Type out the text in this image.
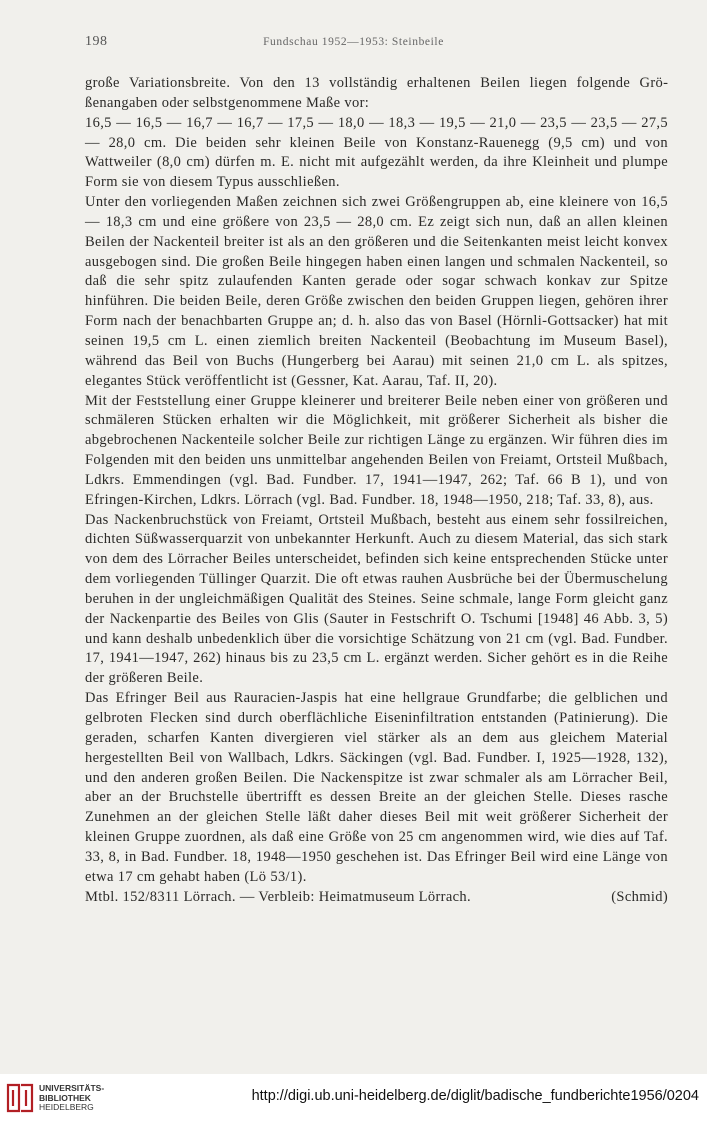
198	Fundschau 1952—1953: Steinbeile

große Variationsbreite. Von den 13 vollständig erhaltenen Beilen liegen folgende Größenangaben oder selbstgenommene Maße vor:

16,5 — 16,5 — 16,7 — 16,7 — 17,5 — 18,0 — 18,3 — 19,5 — 21,0 — 23,5 — 23,5 — 27,5 — 28,0 cm. Die beiden sehr kleinen Beile von Konstanz-Rauenegg (9,5 cm) und von Wattweiler (8,0 cm) dürfen m. E. nicht mit aufgezählt werden, da ihre Kleinheit und plumpe Form sie von diesem Typus ausschließen.

Unter den vorliegenden Maßen zeichnen sich zwei Größengruppen ab, eine kleinere von 16,5 — 18,3 cm und eine größere von 23,5 — 28,0 cm. Ez zeigt sich nun, daß an allen kleinen Beilen der Nackenteil breiter ist als an den größeren und die Seitenkanten meist leicht konvex ausgebogen sind. Die großen Beile hingegen haben einen langen und schmalen Nackenteil, so daß die sehr spitz zulaufenden Kanten gerade oder sogar schwach konkav zur Spitze hinführen. Die beiden Beile, deren Größe zwischen den beiden Gruppen liegen, gehören ihrer Form nach der benachbarten Gruppe an; d. h. also das von Basel (Hörnli-Gottsacker) hat mit seinen 19,5 cm L. einen ziemlich breiten Nackenteil (Beobachtung im Museum Basel), während das Beil von Buchs (Hungerberg bei Aarau) mit seinen 21,0 cm L. als spitzes, elegantes Stück veröffentlicht ist (Gessner, Kat. Aarau, Taf. II, 20).

Mit der Feststellung einer Gruppe kleinerer und breiterer Beile neben einer von größeren und schmäleren Stücken erhalten wir die Möglichkeit, mit größerer Sicherheit als bisher die abgebrochenen Nackenteile solcher Beile zur richtigen Länge zu ergänzen. Wir führen dies im Folgenden mit den beiden uns unmittelbar angehenden Beilen von Freiamt, Ortsteil Mußbach, Ldkrs. Emmendingen (vgl. Bad. Fundber. 17, 1941—1947, 262; Taf. 66 B 1), und von Efringen-Kirchen, Ldkrs. Lörrach (vgl. Bad. Fundber. 18, 1948—1950, 218; Taf. 33, 8), aus.

Das Nackenbruchstück von Freiamt, Ortsteil Mußbach, besteht aus einem sehr fossilreichen, dichten Süßwasserquarzit von unbekannter Herkunft. Auch zu diesem Material, das sich stark von dem des Lörracher Beiles unterscheidet, befinden sich keine entsprechenden Stücke unter dem vorliegenden Tüllinger Quarzit. Die oft etwas rauhen Ausbrüche bei der Übermuschelung beruhen in der ungleichmäßigen Qualität des Steines. Seine schmale, lange Form gleicht ganz der Nackenpartie des Beiles von Glis (Sauter in Festschrift O. Tschumi [1948] 46 Abb. 3, 5) und kann deshalb unbedenklich über die vorsichtige Schätzung von 21 cm (vgl. Bad. Fundber. 17, 1941—1947, 262) hinaus bis zu 23,5 cm L. ergänzt werden. Sicher gehört es in die Reihe der größeren Beile.

Das Efringer Beil aus Rauracien-Jaspis hat eine hellgraue Grundfarbe; die gelblichen und gelbroten Flecken sind durch oberflächliche Eiseninfiltration entstanden (Patinierung). Die geraden, scharfen Kanten divergieren viel stärker als an dem aus gleichem Material hergestellten Beil von Wallbach, Ldkrs. Säckingen (vgl. Bad. Fundber. I, 1925—1928, 132), und den anderen großen Beilen. Die Nackenspitze ist zwar schmaler als am Lörracher Beil, aber an der Bruchstelle übertrifft es dessen Breite an der gleichen Stelle. Dieses rasche Zunehmen an der gleichen Stelle läßt daher dieses Beil mit weit größerer Sicherheit der kleinen Gruppe zuordnen, als daß eine Größe von 25 cm angenommen wird, wie dies auf Taf. 33, 8, in Bad. Fundber. 18, 1948—1950 geschehen ist. Das Efringer Beil wird eine Länge von etwa 17 cm gehabt haben (Lö 53/1).

Mtbl. 152/8311 Lörrach. — Verbleib: Heimatmuseum Lörrach.	(Schmid)
UNIVERSITÄTS-
BIBLIOTHEK
HEIDELBERG
http://digi.ub.uni-heidelberg.de/diglit/badische_fundberichte1956/0204
